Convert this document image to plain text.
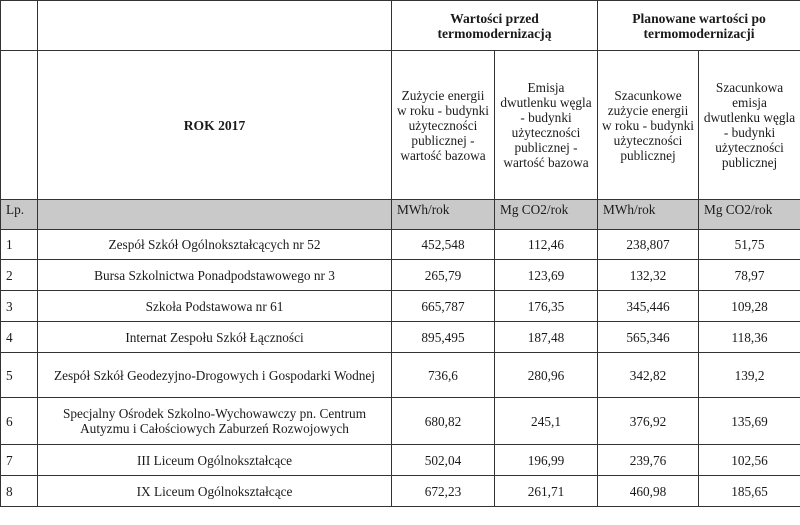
		Wartości przed termomodernizacją		Planowane wartości po termomodernizacji	
	ROK 2017	Zużycie energii w roku - budynki użyteczności publicznej - wartość bazowa	Emisja dwutlenku węgla - budynki użyteczności publicznej - wartość bazowa	Szacunkowe zużycie energii w roku - budynki użyteczności publicznej	Szacunkowa emisja dwutlenku węgla - budynki użyteczności publicznej
Lp.		MWh/rok	Mg CO2/rok	MWh/rok	Mg CO2/rok
1	Zespół Szkół Ogólnokształcących nr 52	452,548	112,46	238,807	51,75
2	Bursa Szkolnictwa Ponadpodstawowego nr 3	265,79	123,69	132,32	78,97
3	Szkoła Podstawowa nr 61	665,787	176,35	345,446	109,28
4	Internat Zespołu Szkół Łączności	895,495	187,48	565,346	118,36
5	Zespół Szkół Geodezyjno-Drogowych i Gospodarki Wodnej	736,6	280,96	342,82	139,2
6	Specjalny Ośrodek Szkolno-Wychowawczy pn. Centrum Autyzmu i Całościowych Zaburzeń Rozwojowych	680,82	245,1	376,92	135,69
7	III Liceum Ogólnokształcące	502,04	196,99	239,76	102,56
8	IX Liceum Ogólnokształcące	672,23	261,71	460,98	185,65
